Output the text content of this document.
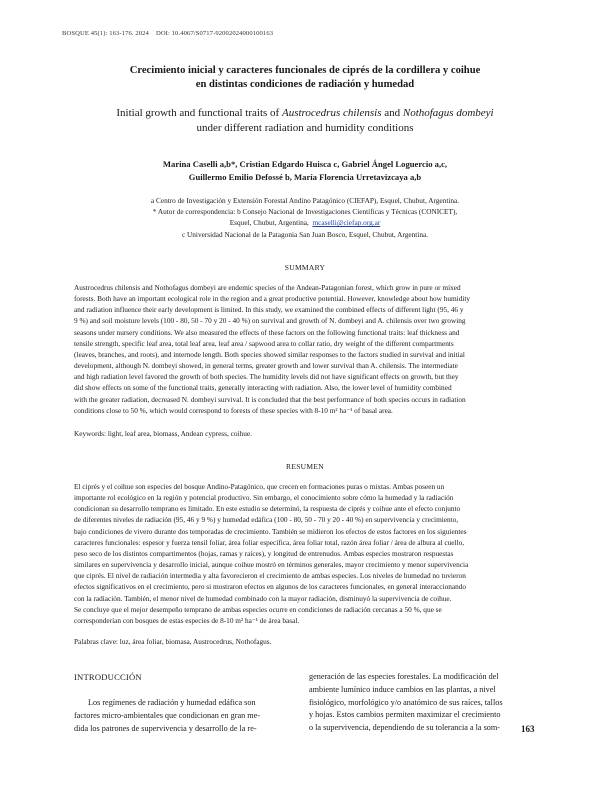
BOSQUE 45(1): 163-176. 2024 DOI: 10.4067/S0717-92002024000100163
Crecimiento inicial y caracteres funcionales de ciprés de la cordillera y coihue
en distintas condiciones de radiación y humedad
Initial growth and functional traits of Austrocedrus chilensis and Nothofagus dombeyi
under different radiation and humidity conditions
Marina Caselli a,b*, Cristian Edgardo Huisca c, Gabriel Ángel Loguercio a,c,
Guillermo Emilio Defossé b, María Florencia Urretavizcaya a,b
a Centro de Investigación y Extensión Forestal Andino Patagónico (CIEFAP), Esquel, Chubut, Argentina.
* Autor de correspondencia: b Consejo Nacional de Investigaciones Científicas y Técnicas (CONICET),
Esquel, Chubut, Argentina, mcaselli@ciefap.org.ar
c Universidad Nacional de la Patagonia San Juan Bosco, Esquel, Chubut, Argentina.
SUMMARY
Austrocedrus chilensis and Nothofagus dombeyi are endemic species of the Andean-Patagonian forest, which grow in pure or mixed
forests. Both have an important ecological role in the region and a great productive potential. However, knowledge about how humidity
and radiation influence their early development is limited. In this study, we examined the combined effects of different light (95, 46 y
9 %) and soil moisture levels (100 - 80, 50 - 70 y 20 - 40 %) on survival and growth of N. dombeyi and A. chilensis over two growing
seasons under nursery conditions. We also measured the effects of these factors on the following functional traits: leaf thickness and
tensile strength, specific leaf area, total leaf area, leaf area / sapwood area to collar ratio, dry weight of the different compartments
(leaves, branches, and roots), and internode length. Both species showed similar responses to the factors studied in survival and initial
development, although N. dombeyi showed, in general terms, greater growth and lower survival than A. chilensis. The intermediate
and high radiation level favored the growth of both species. The humidity levels did not have significant effects on growth, but they
did show effects on some of the functional traits, generally interacting with radiation. Also, the lower level of humidity combined
with the greater radiation, decreased N. dombeyi survival. It is concluded that the best performance of both species occurs in radiation
conditions close to 50 %, which would correspond to forests of these species with 8-10 m² ha⁻¹ of basal area.
Keywords: light, leaf area, biomass, Andean cypress, coihue.
RESUMEN
El ciprés y el coihue son especies del bosque Andino-Patagónico, que crecen en formaciones puras o mixtas. Ambas poseen un
importante rol ecológico en la región y potencial productivo. Sin embargo, el conocimiento sobre cómo la humedad y la radiación
condicionan su desarrollo temprano es limitado. En este estudio se determinó, la respuesta de ciprés y coihue ante el efecto conjunto
de diferentes niveles de radiación (95, 46 y 9 %) y humedad edáfica (100 - 80, 50 - 70 y 20 - 40 %) en supervivencia y crecimiento,
bajo condiciones de vivero durante dos temporadas de crecimiento. También se midieron los efectos de estos factores en los siguientes
caracteres funcionales: espesor y fuerza tensil foliar, área foliar específica, área foliar total, razón área foliar / área de albura al cuello,
peso seco de los distintos compartimentos (hojas, ramas y raíces), y longitud de entrenudos. Ambas especies mostraron respuestas
similares en supervivencia y desarrollo inicial, aunque coihue mostró en términos generales, mayor crecimiento y menor supervivencia
que ciprés. El nivel de radiación intermedia y alta favorecieron el crecimiento de ambas especies. Los niveles de humedad no tuvieron
efectos significativos en el crecimiento, pero si mostraron efectos en algunos de los caracteres funcionales, en general interaccionando
con la radiación. También, el menor nivel de humedad combinado con la mayor radiación, disminuyó la supervivencia de coihue.
Se concluye que el mejor desempeño temprano de ambas especies ocurre en condiciones de radiación cercanas a 50 %, que se
corresponderían con bosques de estas especies de 8-10 m² ha⁻¹ de área basal.
Palabras clave: luz, área foliar, biomasa, Austrocedrus, Nothofagus.
INTRODUCCIÓN
Los regímenes de radiación y humedad edáfica son
factores micro-ambientales que condicionan en gran me-
dida los patrones de supervivencia y desarrollo de la re-
generación de las especies forestales. La modificación del
ambiente lumínico induce cambios en las plantas, a nivel
fisiológico, morfológico y/o anatómico de sus raíces, tallos
y hojas. Estos cambios permiten maximizar el crecimiento
o la supervivencia, dependiendo de su tolerancia a la som-	163
